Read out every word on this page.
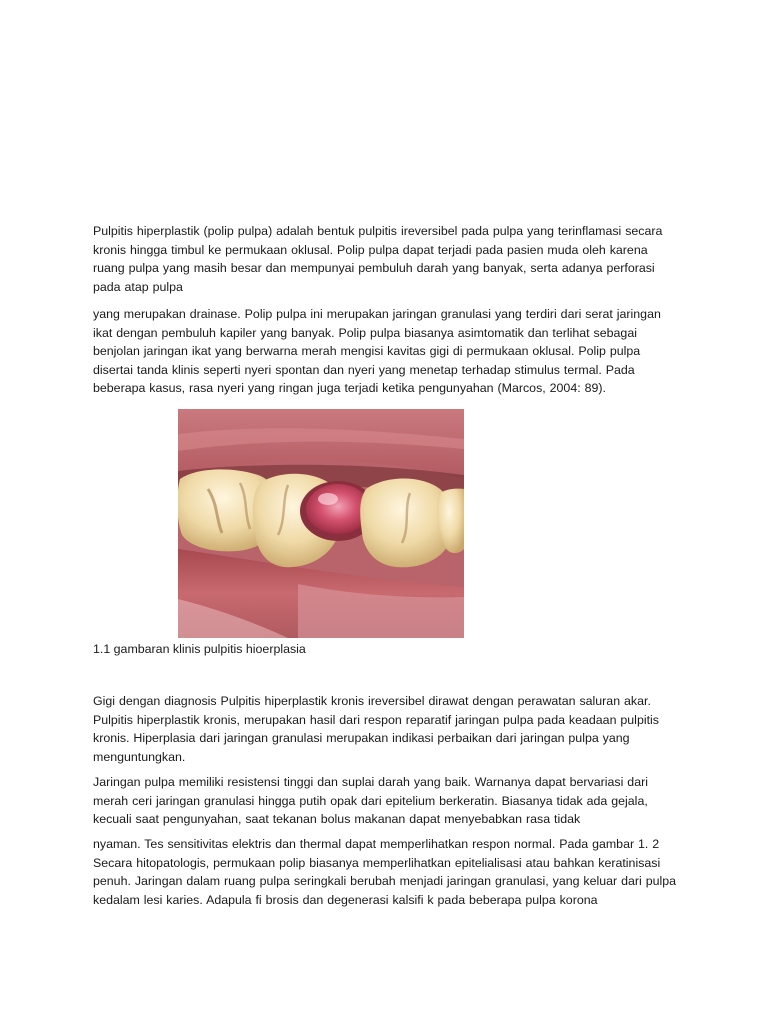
Pulpitis hiperplastik (polip pulpa) adalah bentuk pulpitis ireversibel pada pulpa yang terinflamasi secara kronis hingga timbul ke permukaan oklusal. Polip pulpa dapat terjadi pada pasien muda oleh karena ruang pulpa yang masih besar dan mempunyai pembuluh darah yang banyak, serta adanya perforasi pada atap pulpa

yang merupakan drainase. Polip pulpa ini merupakan jaringan granulasi yang terdiri dari serat jaringan ikat dengan pembuluh kapiler yang banyak. Polip pulpa biasanya asimtomatik dan terlihat sebagai benjolan jaringan ikat yang berwarna merah mengisi kavitas gigi di permukaan oklusal. Polip pulpa disertai tanda klinis seperti nyeri spontan dan nyeri yang menetap terhadap stimulus termal. Pada beberapa kasus, rasa nyeri yang ringan juga terjadi ketika pengunyahan (Marcos, 2004: 89).

1.1 gambaran klinis pulpitis hioerplasia

Gigi dengan diagnosis Pulpitis hiperplastik kronis ireversibel dirawat dengan perawatan saluran akar. Pulpitis hiperplastik kronis, merupakan hasil dari respon reparatif jaringan pulpa pada keadaan pulpitis kronis. Hiperplasia dari jaringan granulasi merupakan indikasi perbaikan dari jaringan pulpa yang menguntungkan.

Jaringan pulpa memiliki resistensi tinggi dan suplai darah yang baik. Warnanya dapat bervariasi dari merah ceri jaringan granulasi hingga putih opak dari epitelium berkeratin. Biasanya tidak ada gejala, kecuali saat pengunyahan, saat tekanan bolus makanan dapat menyebabkan rasa tidak

nyaman. Tes sensitivitas elektris dan thermal dapat memperlihatkan respon normal. Pada gambar 1. 2 Secara hitopatologis, permukaan polip biasanya memperlihatkan epitelialisasi atau bahkan keratinisasi penuh. Jaringan dalam ruang pulpa seringkali berubah menjadi jaringan granulasi, yang keluar dari pulpa kedalam lesi karies. Adapula fi brosis dan degenerasi kalsifi k pada beberapa pulpa korona
